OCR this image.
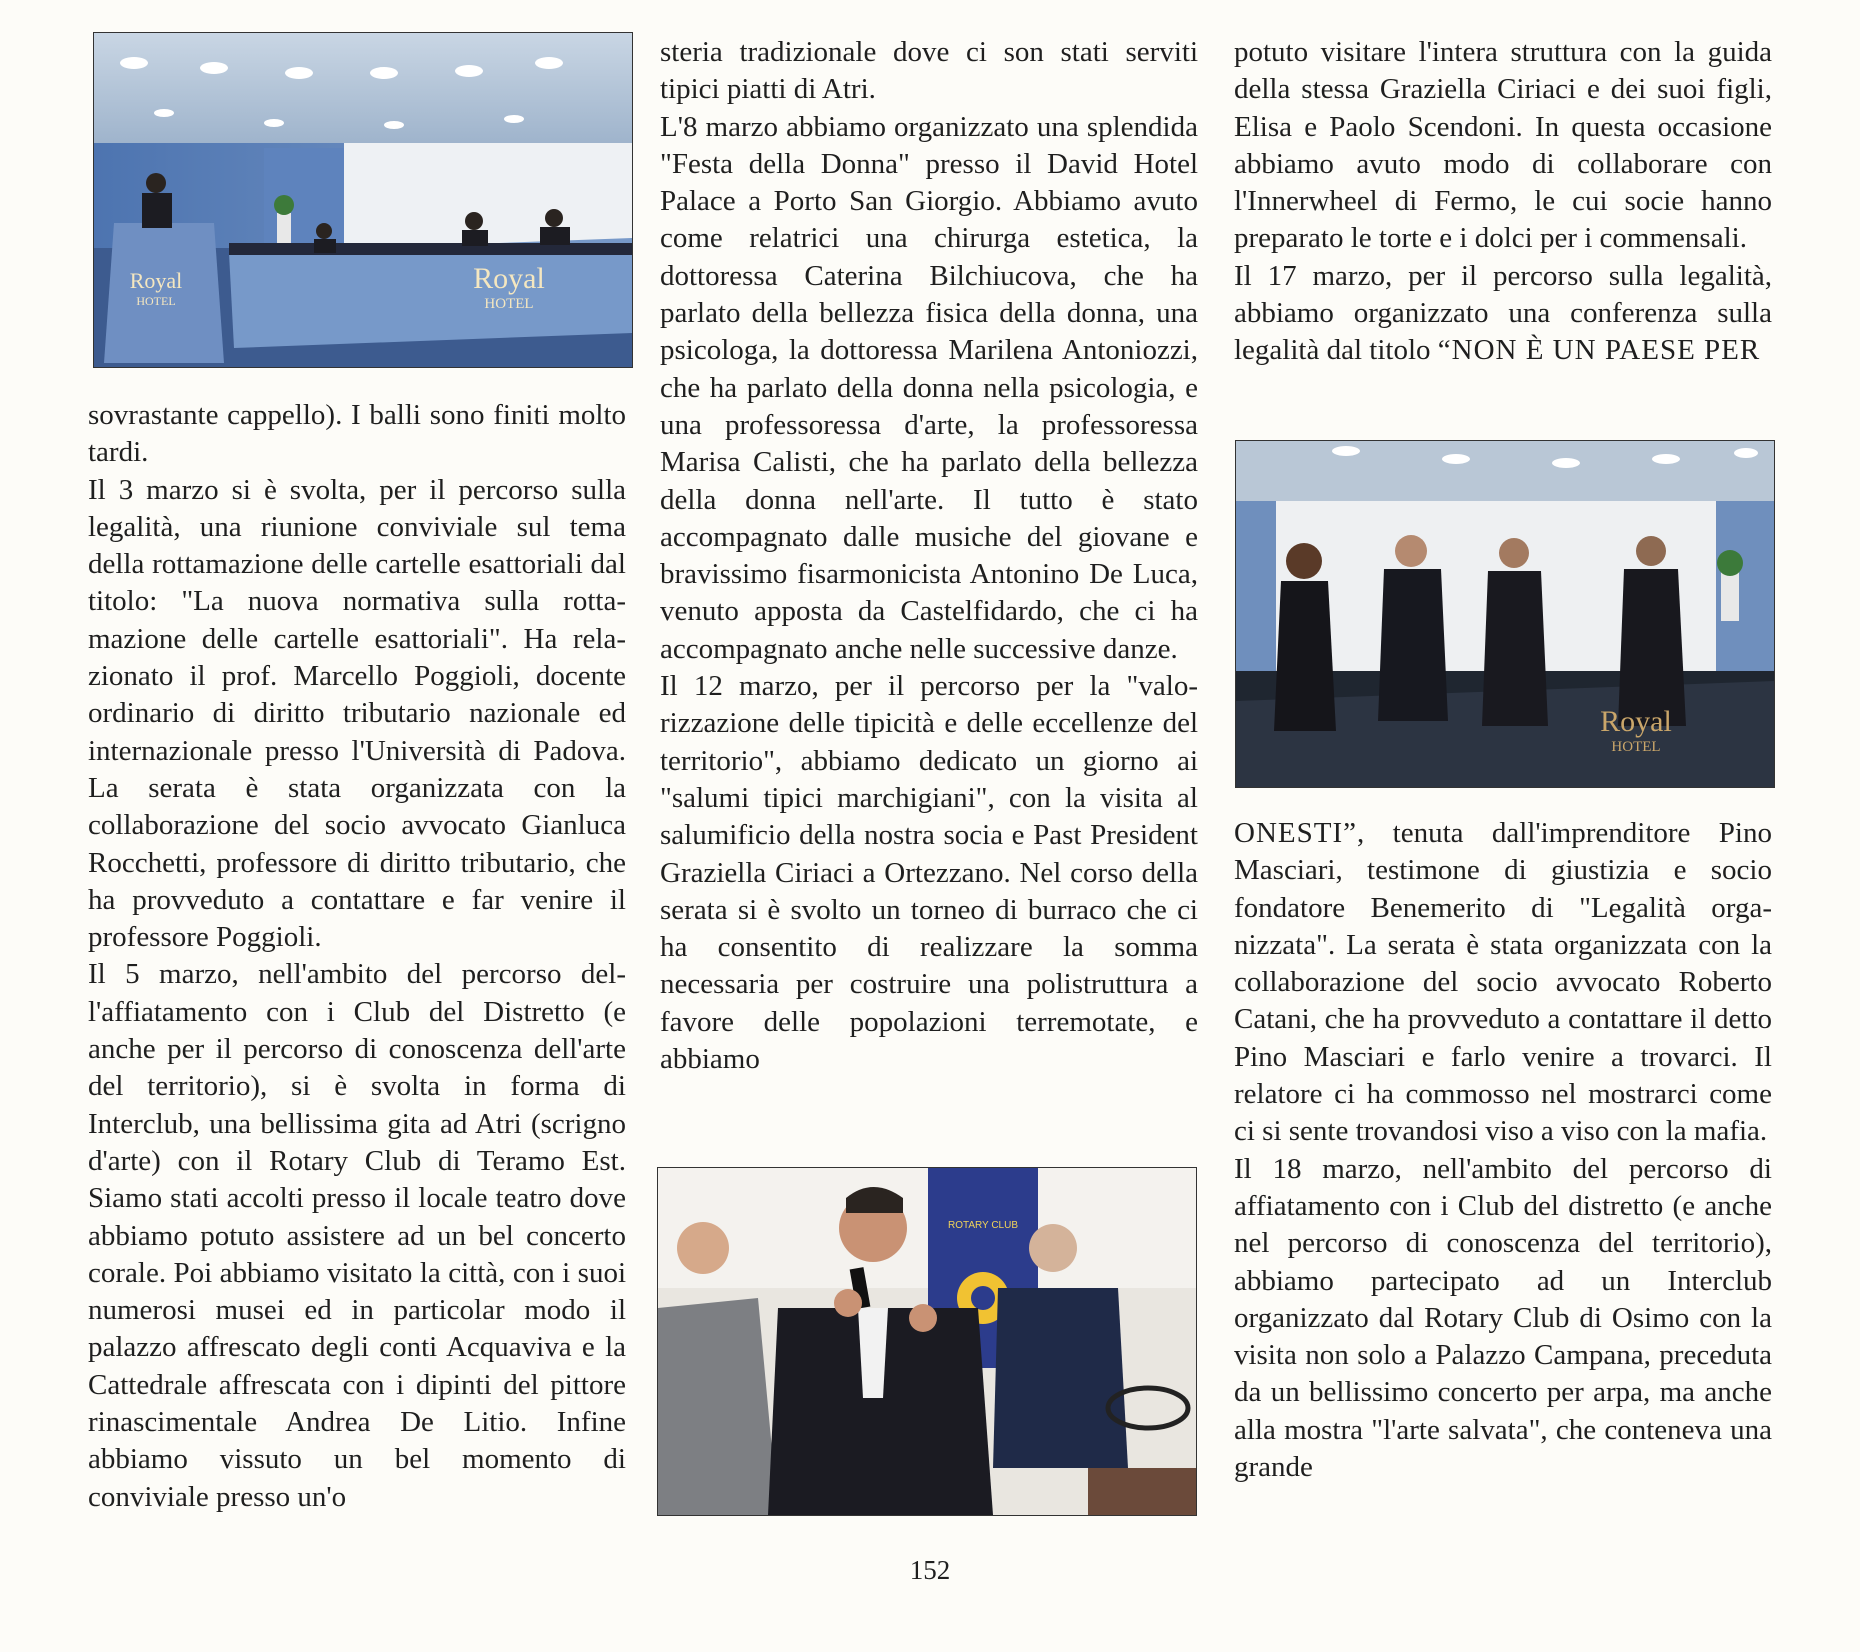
Royal
HOTEL
Royal
HOTEL
Royal
HOTEL
ROTARY CLUB

sovrastante cappello). I balli sono finiti molto tardi.

Il 3 marzo si è svolta, per il percorso sulla legalità, una riunione conviviale sul tema della rottamazione delle cartelle esattoriali dal titolo: "La nuova normativa sulla rottamazione delle cartelle esattoriali". Ha relazionato il prof. Marcello Poggioli, docente ordinario di diritto tributario nazionale ed internazionale presso l'Università di Padova. La serata è stata organizzata con la collaborazione del socio avvocato Gianluca Rocchetti, professore di diritto tributario, che ha provveduto a contattare e far venire il professore Poggioli.

Il 5 marzo, nell'ambito del percorso dell'affiatamento con i Club del Distretto (e anche per il percorso di conoscenza dell'arte del territorio), si è svolta in forma di Interclub, una bellissima gita ad Atri (scrigno d'arte) con il Rotary Club di Teramo Est. Siamo stati accolti presso il locale teatro dove abbiamo potuto assistere ad un bel concerto corale. Poi abbiamo visitato la città, con i suoi numerosi musei ed in particolar modo il palazzo affrescato degli conti Acquaviva e la Cattedrale affrescata con i dipinti del pittore rinascimentale Andrea De Litio. Infine abbiamo vissuto un bel momento di conviviale presso un'o

steria tradizionale dove ci son stati serviti tipici piatti di Atri.

L'8 marzo abbiamo organizzato una splendida "Festa della Donna" presso il David Hotel Palace a Porto San Giorgio. Abbiamo avuto come relatrici una chirurga estetica, la dottoressa Caterina Bilchiucova, che ha parlato della bellezza fisica della donna, una psicologa, la dottoressa Marilena Antoniozzi, che ha parlato della donna nella psicologia, e una professoressa d'arte, la professoressa Marisa Calisti, che ha parlato della bellezza della donna nell'arte. Il tutto è stato accompagnato dalle musiche del giovane e bravissimo fisarmonicista Antonino De Luca, venuto apposta da Castelfidardo, che ci ha accompagnato anche nelle successive danze.

Il 12 marzo, per il percorso per la "valorizzazione delle tipicità e delle eccellenze del territorio", abbiamo dedicato un giorno ai "salumi tipici marchigiani", con la visita al salumificio della nostra socia e Past President Graziella Ciriaci a Ortezzano. Nel corso della serata si è svolto un torneo di burraco che ci ha consentito di realizzare la somma necessaria per costruire una polistruttura a favore delle popolazioni terremotate, e abbiamo

potuto visitare l'intera struttura con la guida della stessa Graziella Ciriaci e dei suoi figli, Elisa e Paolo Scendoni. In questa occasione abbiamo avuto modo di collaborare con l'Innerwheel di Fermo, le cui socie hanno preparato le torte e i dolci per i commensali.

Il 17 marzo, per il percorso sulla legalità, abbiamo organizzato una conferenza sulla legalità dal titolo “NON È UN PAESE PER

ONESTI”, tenuta dall'imprenditore Pino Masciari, testimone di giustizia e socio fondatore Benemerito di "Legalità organizzata". La serata è stata organizzata con la collaborazione del socio avvocato Roberto Catani, che ha provveduto a contattare il detto Pino Masciari e farlo venire a trovarci. Il relatore ci ha commosso nel mostrarci come ci si sente trovandosi viso a viso con la mafia.

Il 18 marzo, nell'ambito del percorso di affiatamento con i Club del distretto (e anche nel percorso di conoscenza del territorio), abbiamo partecipato ad un Interclub organizzato dal Rotary Club di Osimo con la visita non solo a Palazzo Campana, preceduta da un bellissimo concerto per arpa, ma anche alla mostra "l'arte salvata", che conteneva una grande

152
